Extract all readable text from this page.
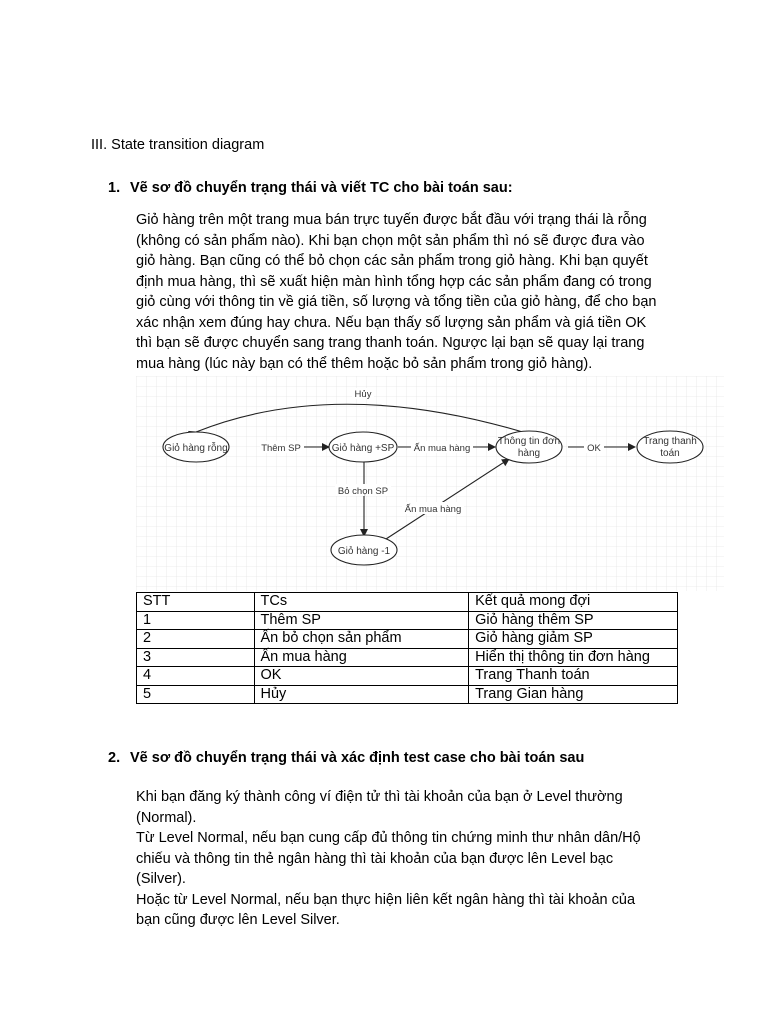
III. State transition diagram
1. Vẽ sơ đồ chuyển trạng thái và viết TC cho bài toán sau:
Giỏ hàng trên một trang mua bán trực tuyến được bắt đầu với trạng thái là rỗng
(không có sản phẩm nào). Khi bạn chọn một sản phẩm thì nó sẽ được đưa vào
giỏ hàng. Bạn cũng có thể bỏ chọn các sản phẩm trong giỏ hàng. Khi bạn quyết
định mua hàng, thì sẽ xuất hiện màn hình tổng hợp các sản phẩm đang có trong
giỏ cùng với thông tin về giá tiền, số lượng và tổng tiền của giỏ hàng, để cho bạn
xác nhận xem đúng hay chưa. Nếu bạn thấy số lượng sản phẩm và giá tiền OK
thì bạn sẽ được chuyển sang trang thanh toán. Ngược lại bạn sẽ quay lại trang
mua hàng (lúc này bạn có thể thêm hoặc bỏ sản phẩm trong giỏ hàng).
Hủy
Thêm SP	Ấn mua hàng	OK
Bỏ chọn SP
Ấn mua hàng
Giỏ hàng rỗng	Giỏ hàng +SP
Thông tin đơn
hàng
Trang thanh
toán
Giỏ hàng -1
STT	TCs	Kết quả mong đợi
1	Thêm SP	Giỏ hàng thêm SP
2	Ấn bỏ chọn sản phẩm	Giỏ hàng giảm SP
3	Ấn mua hàng	Hiển thị thông tin đơn hàng
4	OK	Trang Thanh toán
5	Hủy	Trang Gian hàng
2. Vẽ sơ đồ chuyển trạng thái và xác định test case cho bài toán sau
Khi bạn đăng ký thành công ví điện tử thì tài khoản của bạn ở Level thường
(Normal).
Từ Level Normal, nếu bạn cung cấp đủ thông tin chứng minh thư nhân dân/Hộ
chiếu và thông tin thẻ ngân hàng thì tài khoản của bạn được lên Level bạc
(Silver).
Hoặc từ Level Normal, nếu bạn thực hiện liên kết ngân hàng thì tài khoản của
bạn cũng được lên Level Silver.
